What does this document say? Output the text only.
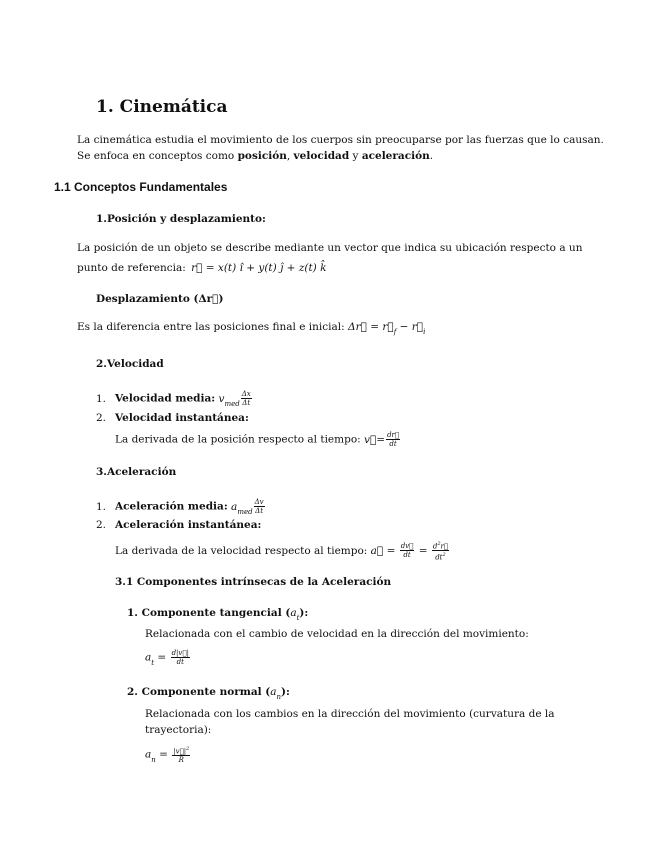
1. Cinemática
La cinemática estudia el movimiento de los cuerpos sin preocuparse por las fuerzas que lo causan.
Se enfoca en conceptos como posición, velocidad y aceleración.
1.1 Conceptos Fundamentales
1.Posición y desplazamiento:
La posición de un objeto se describe mediante un vector que indica su ubicación respecto a un
punto de referencia: r⃗ = x(t) î + y(t) ĵ + z(t) k̂
Desplazamiento (Δr⃗)
Es la diferencia entre las posiciones final e inicial: Δr⃗ = $r⃗_f$ − $r⃗_i$
2.Velocidad
1. Velocidad media: $v_{med} \frac{\Delta x}{\Delta t}$
2. Velocidad instantánea:
La derivada de la posición respecto al tiempo: v⃗= $\frac{dr⃗}{dt}$
3.Aceleración
1. Aceleración media: $a_{med} \frac{\Delta v}{\Delta t}$
2. Aceleración instantánea:
La derivada de la velocidad respecto al tiempo: a⃗ = $\frac{dv⃗}{dt} = \frac{d^2r⃗}{dt^2}$
3.1 Componentes intrínsecas de la Aceleración
1. Componente tangencial $(a_t)$:
Relacionada con el cambio de velocidad en la dirección del movimiento:
$a_t = \frac{d|v⃗|}{dt}$
2. Componente normal $(a_n)$:
Relacionada con los cambios en la dirección del movimiento (curvatura de la
trayectoria):
$a_n = \frac{|v⃗|^2}{R}$
